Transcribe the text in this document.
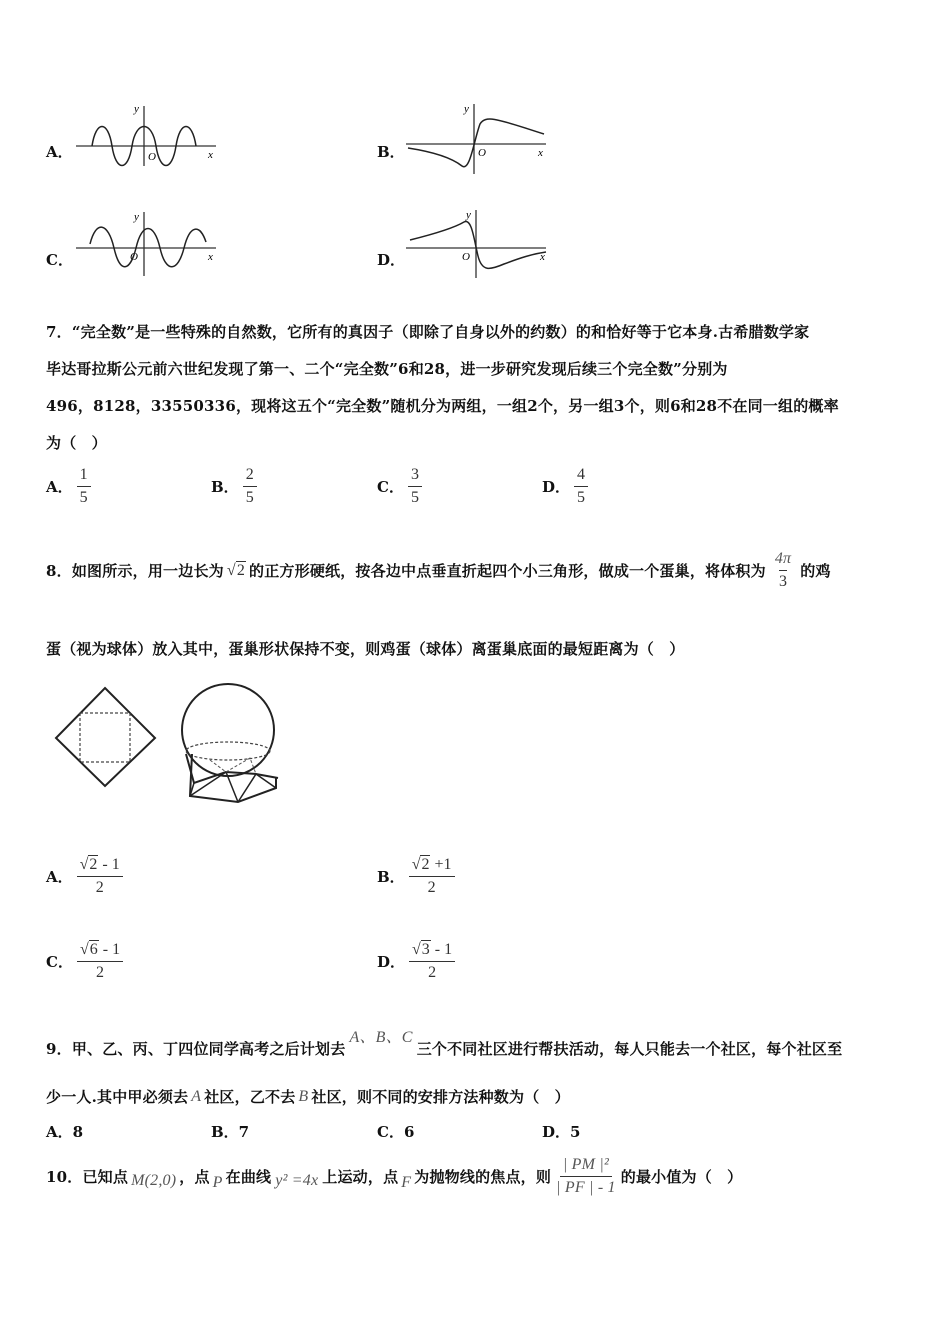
A．
y
x
O	B．
y
x
O
C．
y
x
O	D．
y
x
O
7．“完全数”是一些特殊的自然数，它所有的真因子（即除了自身以外的约数）的和恰好等于它本身.古希腊数学家
毕达哥拉斯公元前六世纪发现了第一、二个“完全数”6和28，进一步研究发现后续三个完全数”分别为
496，8128，33550336，现将这五个“完全数”随机分为两组，一组2个，另一组3个，则6和28不在同一组的概率
为（　）
A． $\frac{1}{5}$	B． $\frac{2}{5}$	C． $\frac{3}{5}$	D． $\frac{4}{5}$
8．如图所示，用一边长为 √2 的正方形硬纸，按各边中点垂直折起四个小三角形，做成一个蛋巢，将体积为 $\frac{4\pi}{3}$ 的鸡
蛋（视为球体）放入其中，蛋巢形状保持不变，则鸡蛋（球体）离蛋巢底面的最短距离为（　）
A． $\frac{√2 - 1}{2}$	B． $\frac{√2 +1}{2}$
C． $\frac{√6 - 1}{2}$	D． $\frac{√3 - 1}{2}$
9．甲、乙、丙、丁四位同学高考之后计划去
A、B、C
三个不同社区进行帮扶活动，每人只能去一个社区，每个社区至
少一人.其中甲必须去 A 社区，乙不去 B 社区，则不同的安排方法种数为（　）
A．8	B．7	C．6	D．5
10．已知点 M(2,0) ，点 P 在曲线 y² =4x 上运动，点 F 为抛物线的焦点，则 $\frac{\text{| PM |²}}{| PF | - 1}$ 的最小值为（　）
